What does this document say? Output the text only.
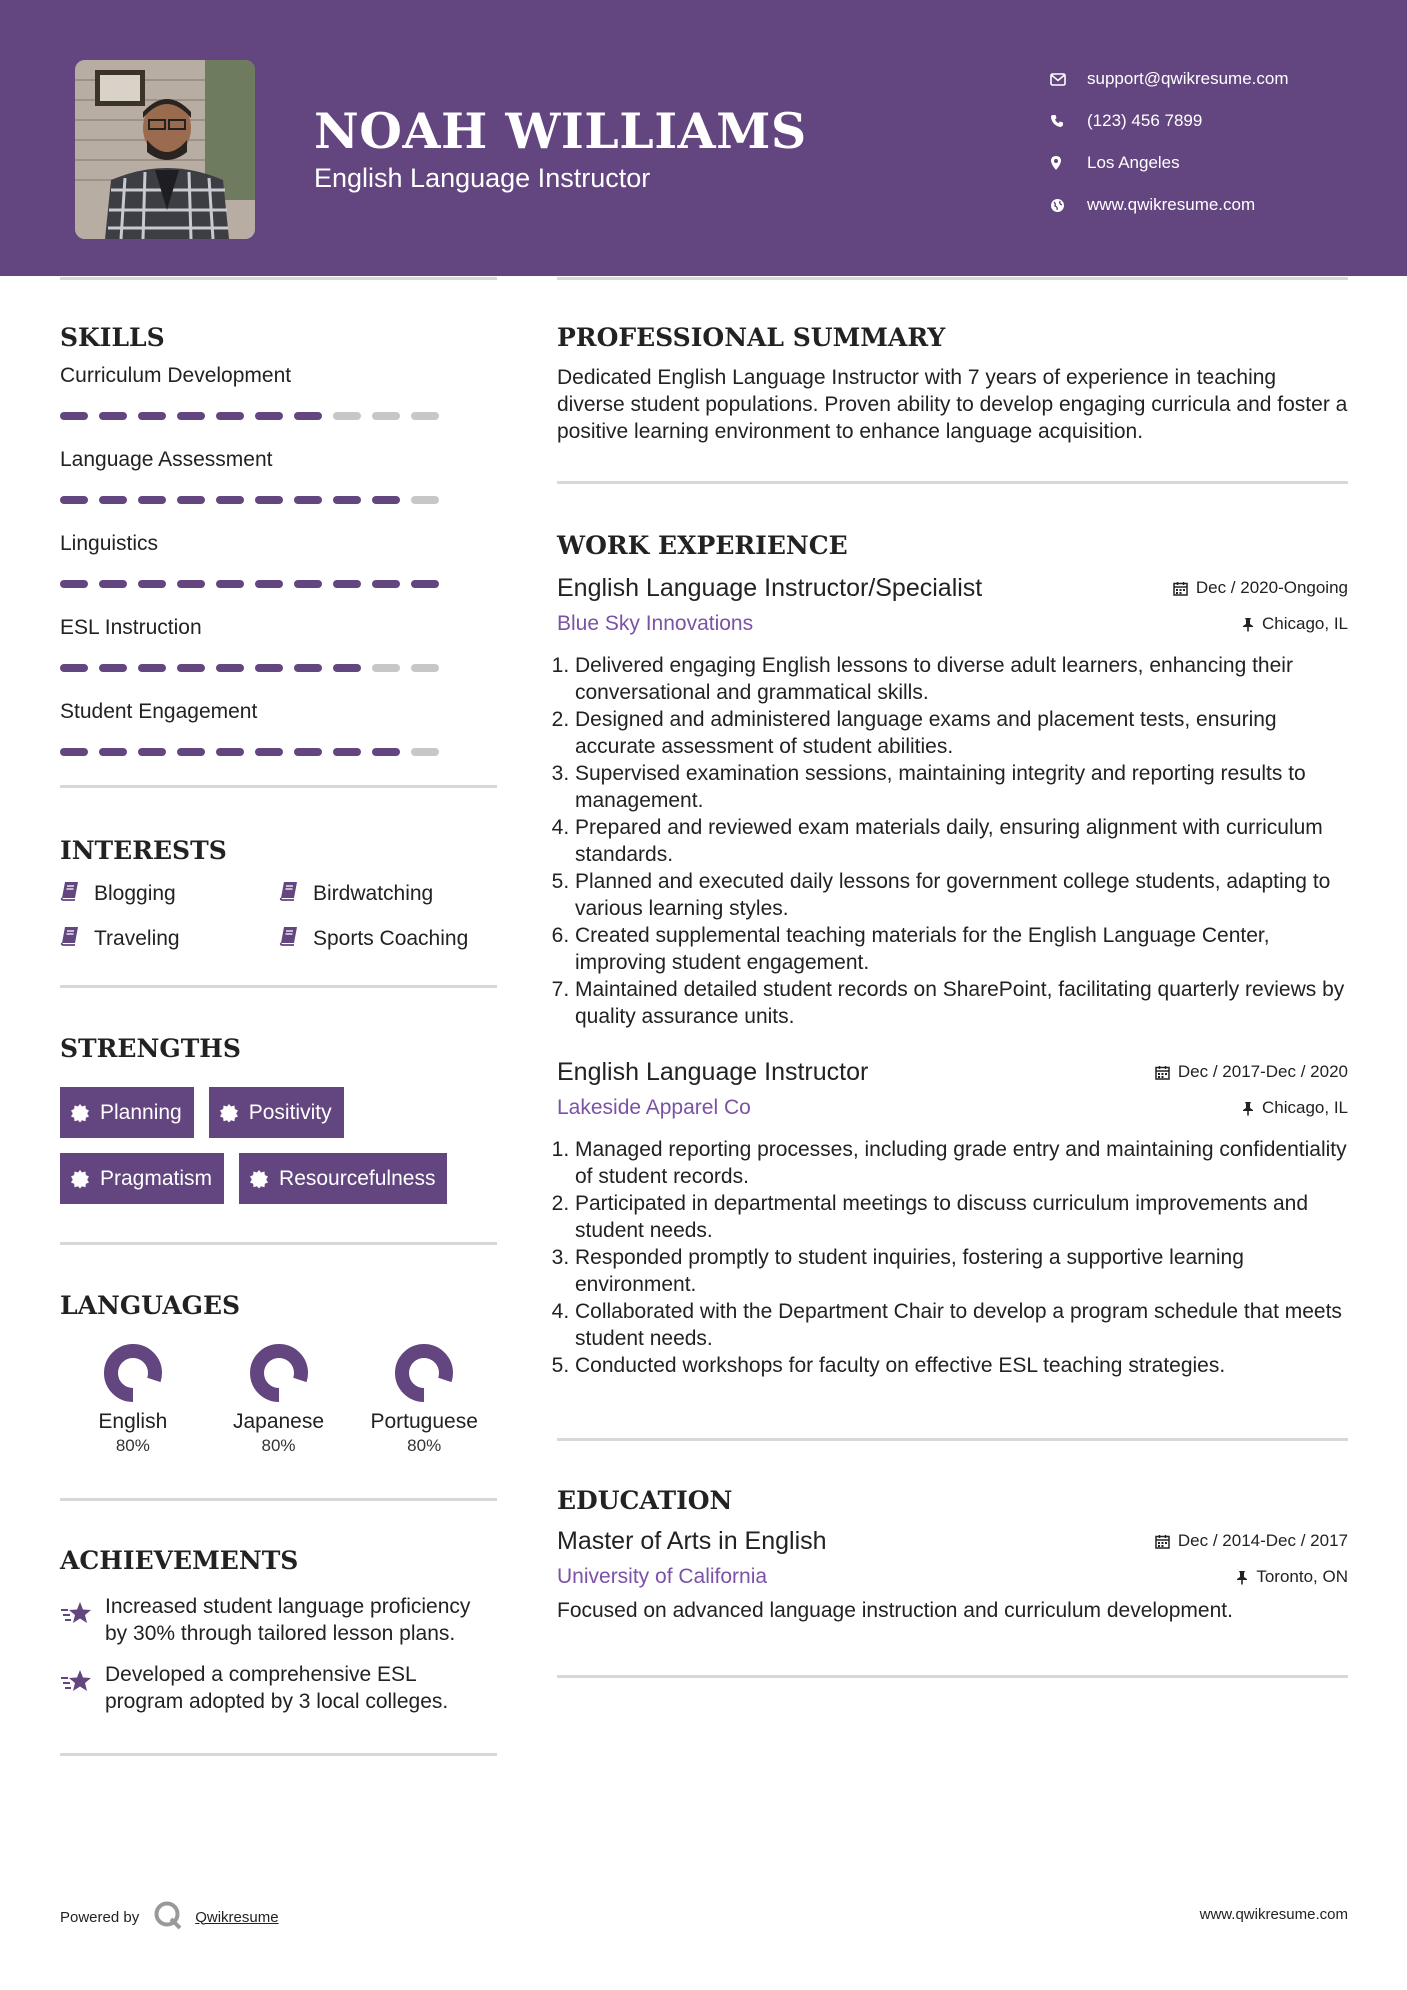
NOAH WILLIAMS
English Language Instructor
support@qwikresume.com
(123) 456 7899
Los Angeles
www.qwikresume.com
SKILLS
Curriculum Development
Language Assessment
Linguistics
ESL Instruction
Student Engagement
INTERESTS
Blogging	Birdwatching
Traveling	Sports Coaching
STRENGTHS
Planning	Positivity
Pragmatism	Resourcefulness
LANGUAGES
English
80%
Japanese
80%
Portuguese
80%
ACHIEVEMENTS
Increased student language proficiency by 30% through tailored lesson plans.
Developed a comprehensive ESL program adopted by 3 local colleges.
PROFESSIONAL SUMMARY
Dedicated English Language Instructor with 7 years of experience in teaching diverse student populations. Proven ability to develop engaging curricula and foster a positive learning environment to enhance language acquisition.
WORK EXPERIENCE
English Language Instructor/Specialist	Dec / 2020-Ongoing
Blue Sky Innovations	Chicago, IL
1. Delivered engaging English lessons to diverse adult learners, enhancing their conversational and grammatical skills.
2. Designed and administered language exams and placement tests, ensuring accurate assessment of student abilities.
3. Supervised examination sessions, maintaining integrity and reporting results to management.
4. Prepared and reviewed exam materials daily, ensuring alignment with curriculum standards.
5. Planned and executed daily lessons for government college students, adapting to various learning styles.
6. Created supplemental teaching materials for the English Language Center, improving student engagement.
7. Maintained detailed student records on SharePoint, facilitating quarterly reviews by quality assurance units.
English Language Instructor	Dec / 2017-Dec / 2020
Lakeside Apparel Co	Chicago, IL
1. Managed reporting processes, including grade entry and maintaining confidentiality of student records.
2. Participated in departmental meetings to discuss curriculum improvements and student needs.
3. Responded promptly to student inquiries, fostering a supportive learning environment.
4. Collaborated with the Department Chair to develop a program schedule that meets student needs.
5. Conducted workshops for faculty on effective ESL teaching strategies.
EDUCATION
Master of Arts in English	Dec / 2014-Dec / 2017
University of California	Toronto, ON
Focused on advanced language instruction and curriculum development.
Powered by	Qwikresume	www.qwikresume.com
